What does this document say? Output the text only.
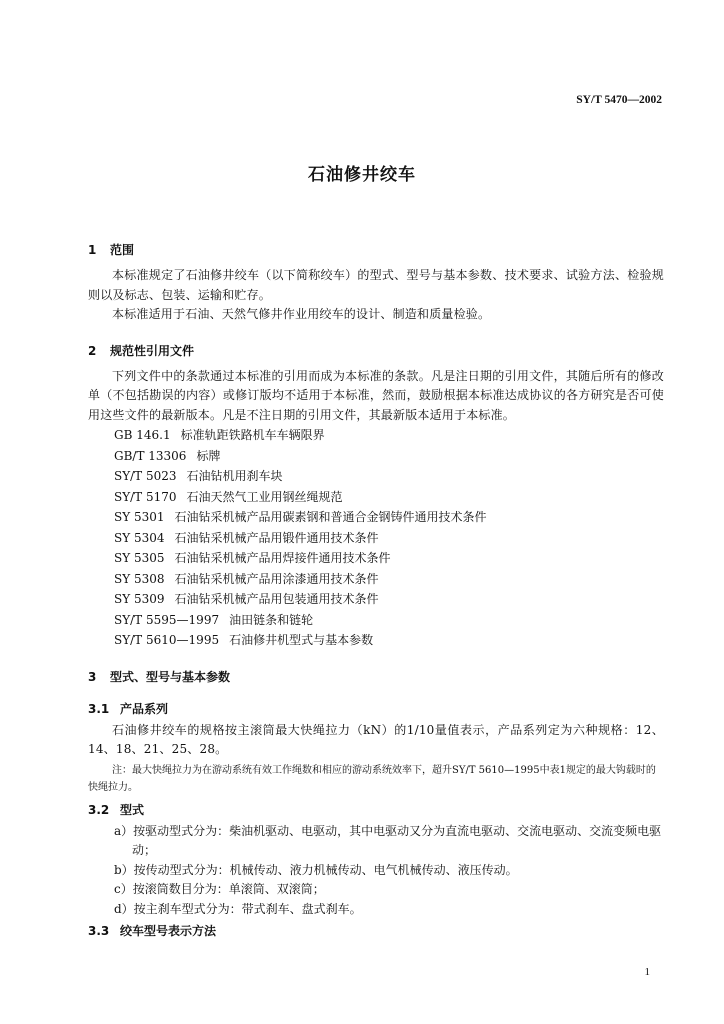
SY/T 5470—2002
石油修井绞车
1 范围

本标准规定了石油修井绞车（以下简称绞车）的型式、型号与基本参数、技术要求、试验方法、检验规则以及标志、包装、运输和贮存。

本标准适用于石油、天然气修井作业用绞车的设计、制造和质量检验。

2 规范性引用文件

下列文件中的条款通过本标准的引用而成为本标准的条款。凡是注日期的引用文件，其随后所有的修改单（不包括勘误的内容）或修订版均不适用于本标准，然而，鼓励根据本标准达成协议的各方研究是否可使用这些文件的最新版本。凡是不注日期的引用文件，其最新版本适用于本标准。

GB 146.1 标准轨距铁路机车车辆限界

GB/T 13306 标牌

SY/T 5023 石油钻机用刹车块

SY/T 5170 石油天然气工业用钢丝绳规范

SY 5301 石油钻采机械产品用碳素钢和普通合金钢铸件通用技术条件

SY 5304 石油钻采机械产品用锻件通用技术条件

SY 5305 石油钻采机械产品用焊接件通用技术条件

SY 5308 石油钻采机械产品用涂漆通用技术条件

SY 5309 石油钻采机械产品用包装通用技术条件

SY/T 5595—1997 油田链条和链轮

SY/T 5610—1995 石油修井机型式与基本参数

3 型式、型号与基本参数
3.1 产品系列

石油修井绞车的规格按主滚筒最大快绳拉力（kN）的1/10量值表示，产品系列定为六种规格：12、14、18、21、25、28。

注：最大快绳拉力为在游动系统有效工作绳数和相应的游动系统效率下，超升SY/T 5610—1995中表1规定的最大钩载时的快绳拉力。

3.2 型式

a）按驱动型式分为：柴油机驱动、电驱动，其中电驱动又分为直流电驱动、交流电驱动、交流变频电驱动；

b）按传动型式分为：机械传动、液力机械传动、电气机械传动、液压传动。

c）按滚筒数目分为：单滚筒、双滚筒；

d）按主刹车型式分为：带式刹车、盘式刹车。

3.3 绞车型号表示方法
1
